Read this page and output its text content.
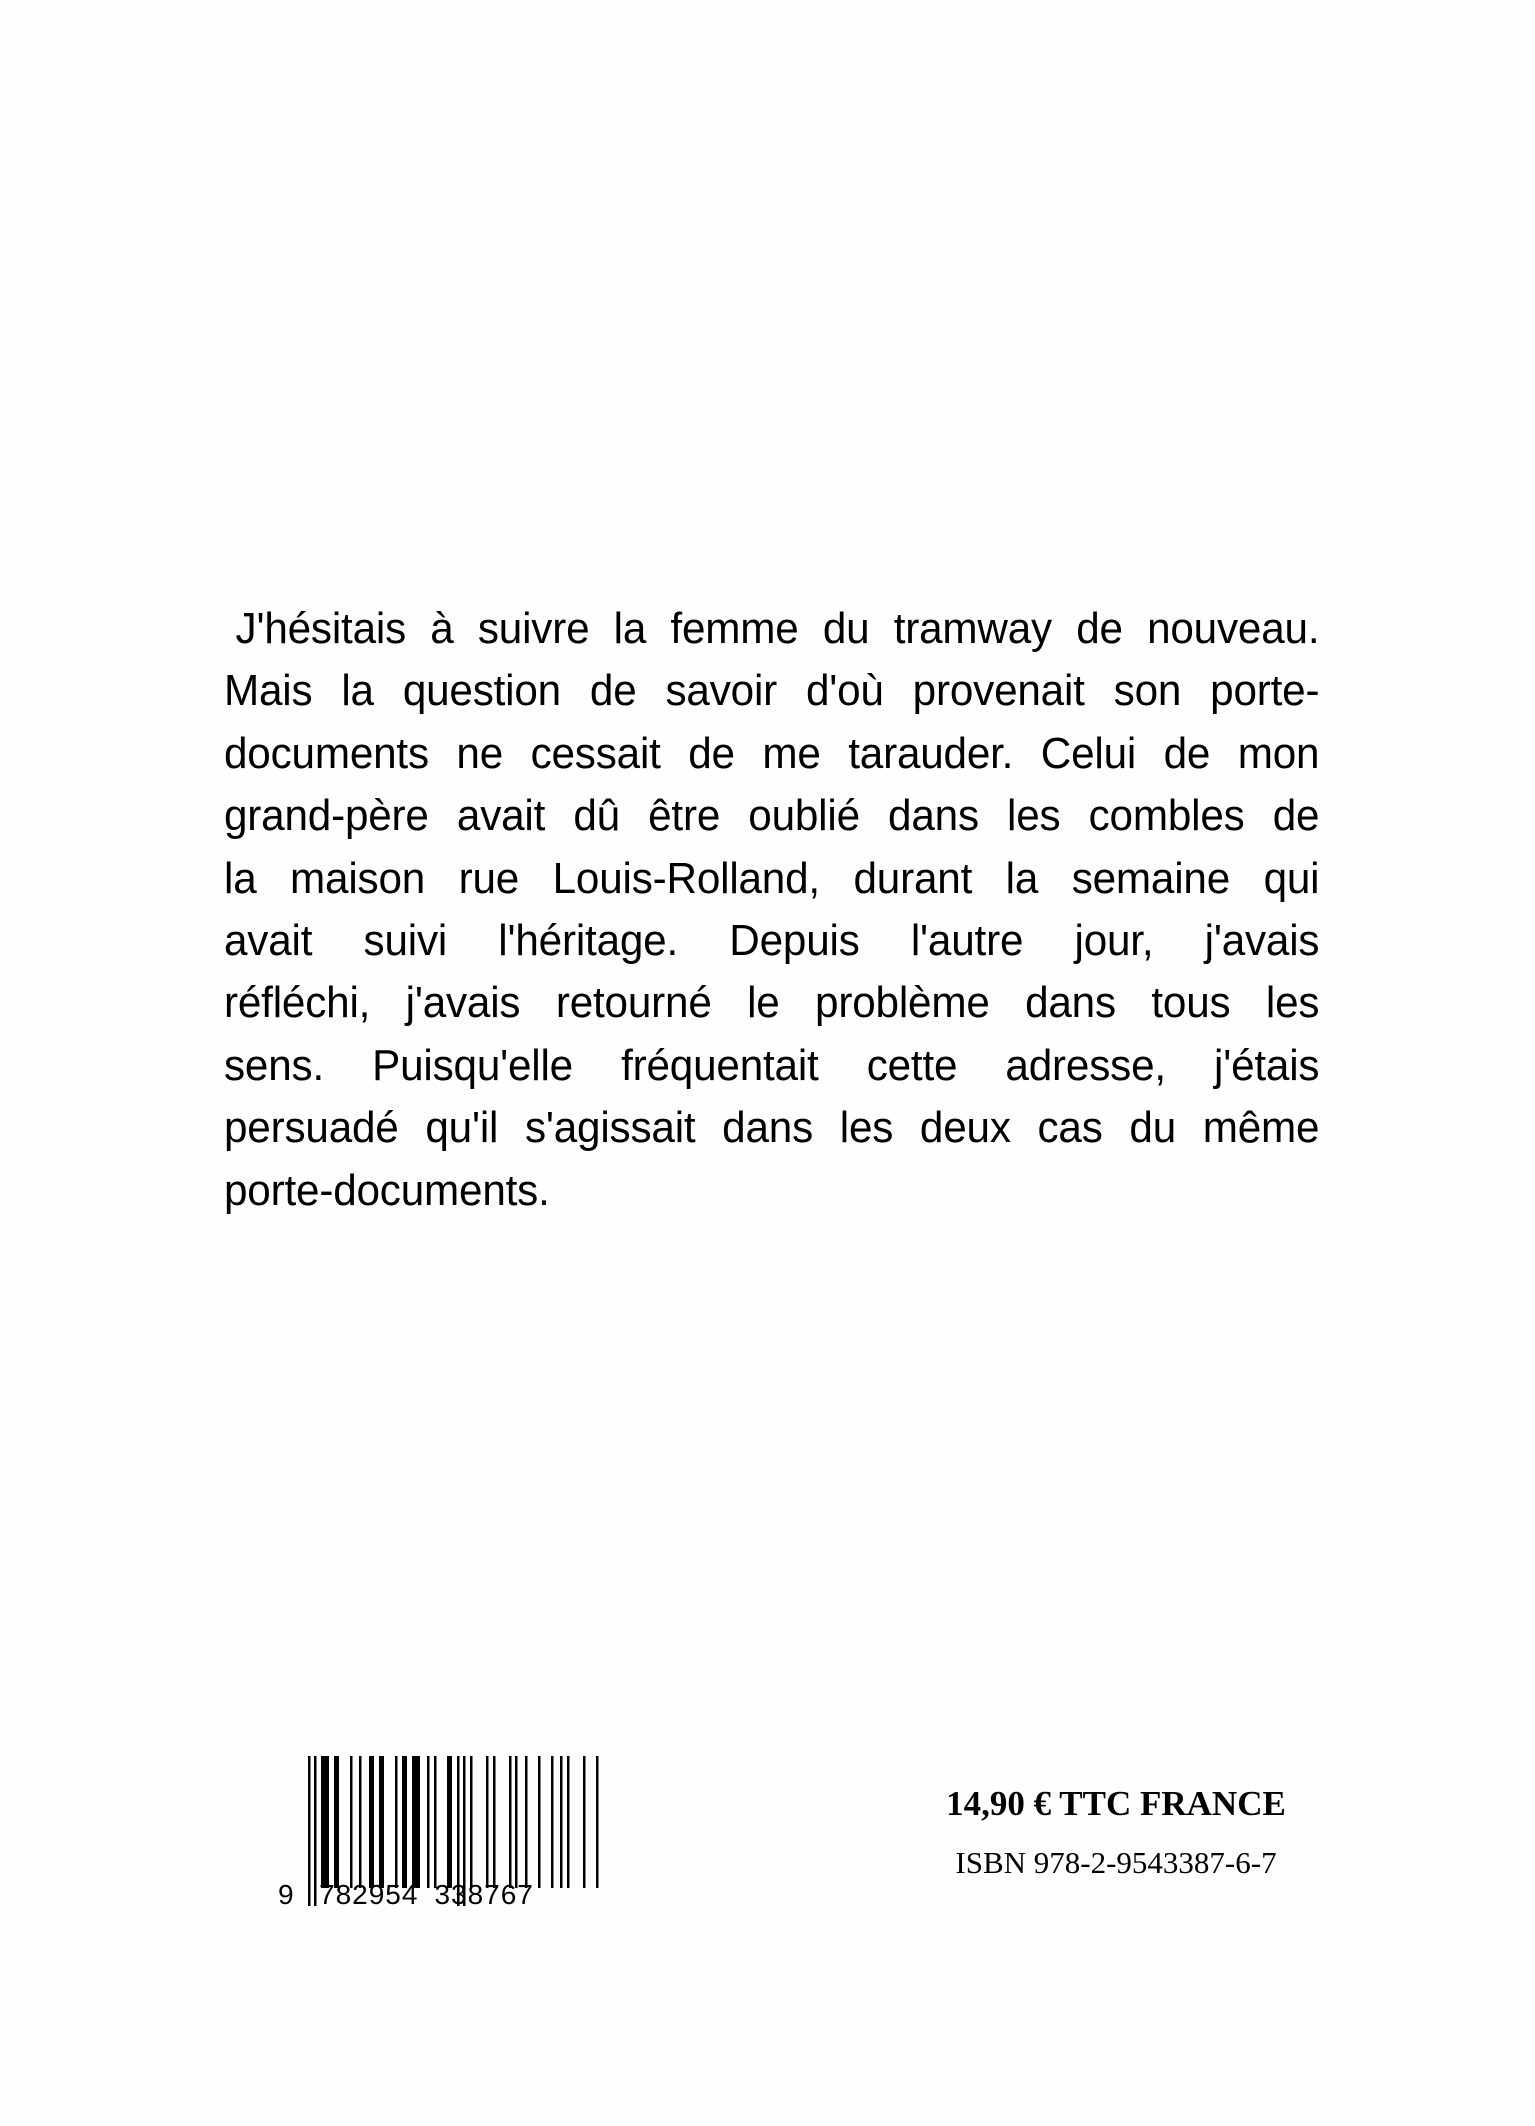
J'hésitais à suivre la femme du tramway de nouveau.
Mais la question de savoir d'où provenait son porte-
documents ne cessait de me tarauder. Celui de mon
grand-père avait dû être oublié dans les combles de
la maison rue Louis-Rolland, durant la semaine qui
avait suivi l'héritage. Depuis l'autre jour, j'avais
réfléchi, j'avais retourné le problème dans tous les
sens. Puisqu'elle fréquentait cette adresse, j'étais
persuadé qu'il s'agissait dans les deux cas du même
porte-documents.
9 782954 338767
14,90 € TTC FRANCE
ISBN 978-2-9543387-6-7
